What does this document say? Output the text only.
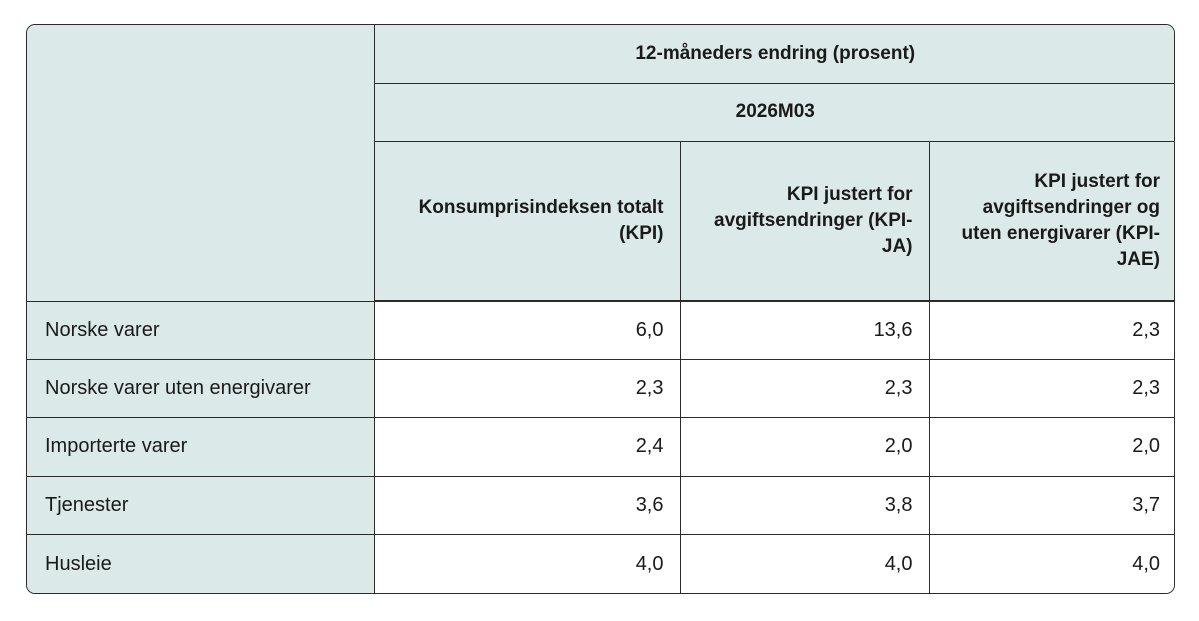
	12-måneders endring (prosent)		
	2026M03		
	Konsumprisindeksen totalt (KPI)	KPI justert for avgiftsendringer (KPI-JA)	KPI justert for avgiftsendringer og uten energivarer (KPI-JAE)
Norske varer	6,0	13,6	2,3
Norske varer uten energivarer	2,3	2,3	2,3
Importerte varer	2,4	2,0	2,0
Tjenester	3,6	3,8	3,7
Husleie	4,0	4,0	4,0
